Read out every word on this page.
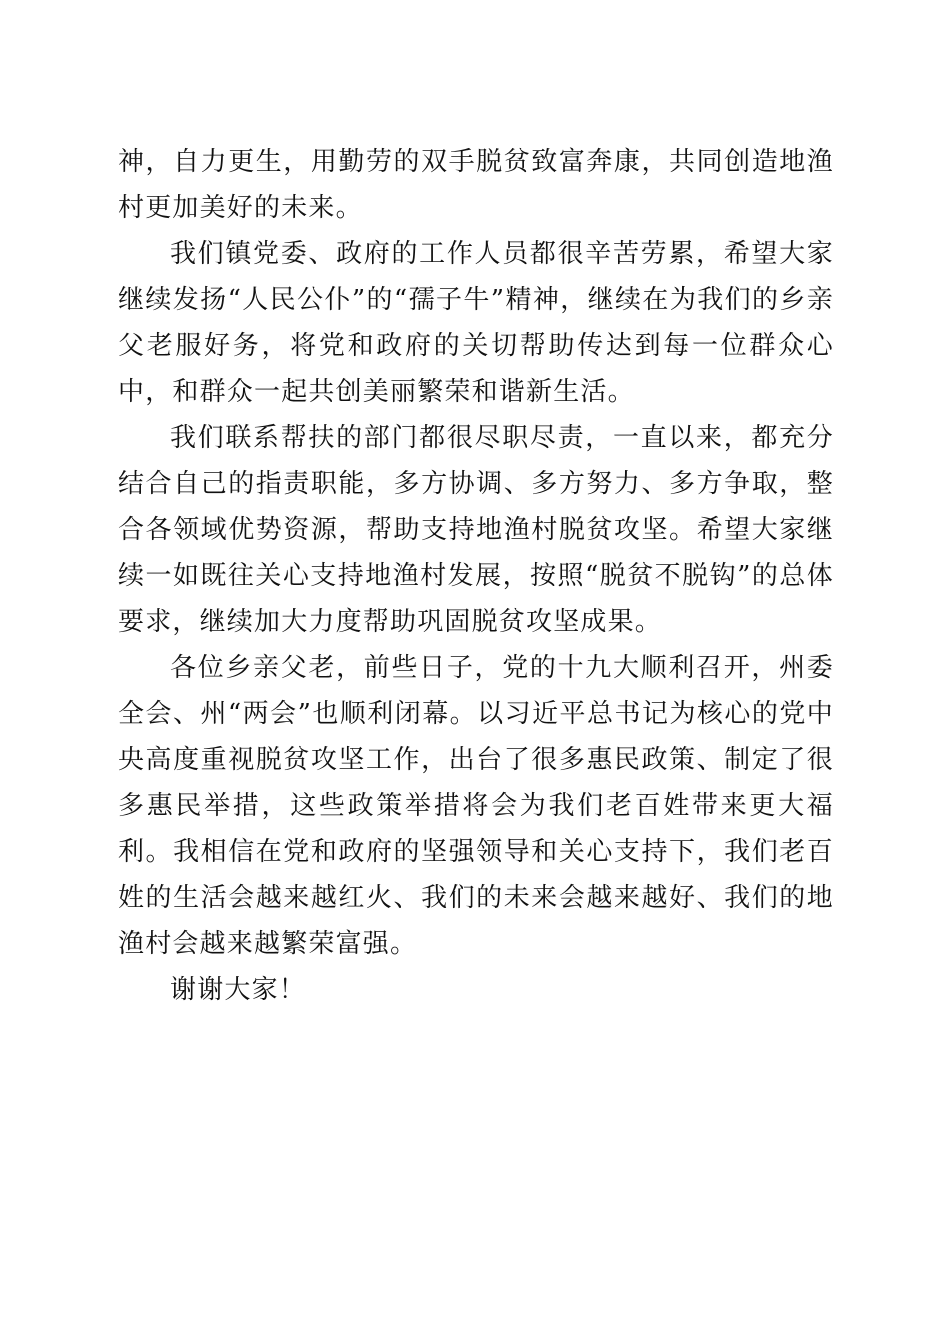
神，自力更生，用勤劳的双手脱贫致富奔康，共同创造地渔村更加美好的未来。

我们镇党委、政府的工作人员都很辛苦劳累，希望大家继续发扬“人民公仆”的“孺子牛”精神，继续在为我们的乡亲父老服好务，将党和政府的关切帮助传达到每一位群众心中，和群众一起共创美丽繁荣和谐新生活。

我们联系帮扶的部门都很尽职尽责，一直以来，都充分结合自己的指责职能，多方协调、多方努力、多方争取，整合各领域优势资源，帮助支持地渔村脱贫攻坚。希望大家继续一如既往关心支持地渔村发展，按照“脱贫不脱钩”的总体要求，继续加大力度帮助巩固脱贫攻坚成果。

各位乡亲父老，前些日子，党的十九大顺利召开，州委全会、州“两会”也顺利闭幕。以习近平总书记为核心的党中央高度重视脱贫攻坚工作，出台了很多惠民政策、制定了很多惠民举措，这些政策举措将会为我们老百姓带来更大福利。我相信在党和政府的坚强领导和关心支持下，我们老百姓的生活会越来越红火、我们的未来会越来越好、我们的地渔村会越来越繁荣富强。

谢谢大家！
